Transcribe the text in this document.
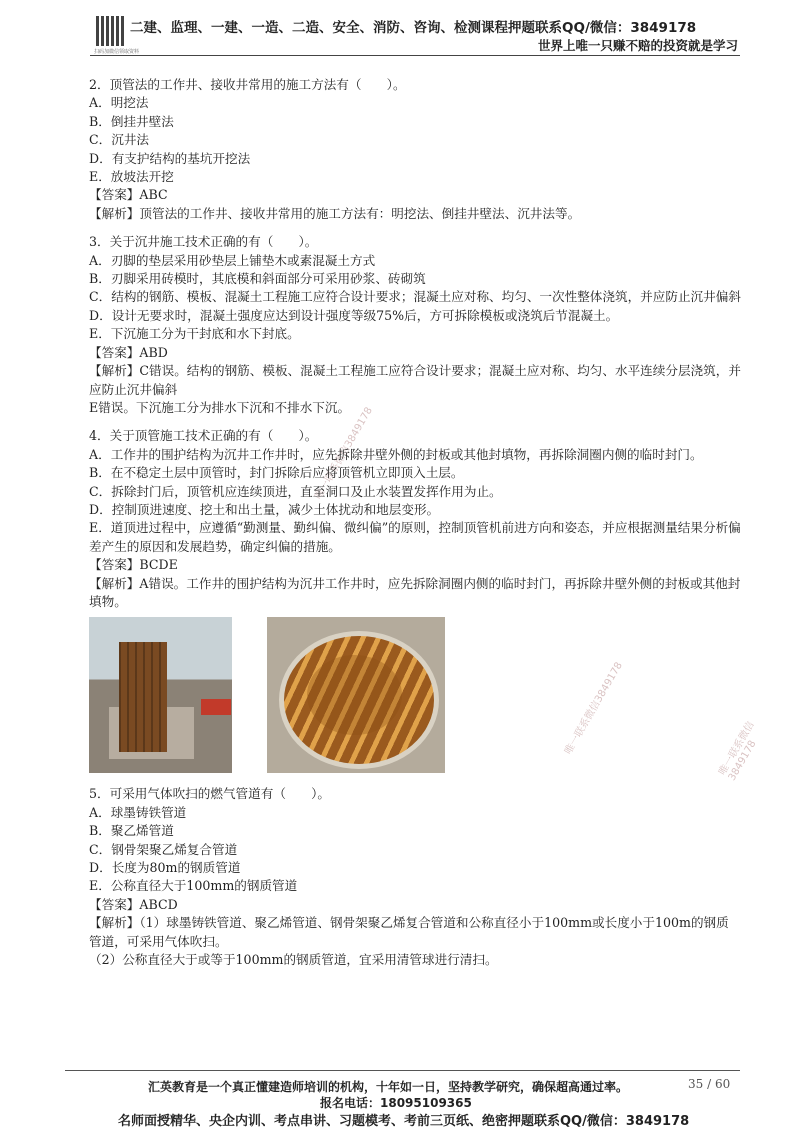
扫码加微信领取资料
二建、监理、一建、一造、二造、安全、消防、咨询、检测课程押题联系QQ/微信：3849178
世界上唯一只赚不赔的投资就是学习
唯一联系微信3849178
唯一联系微信3849178	唯一联系微信3849178

2．顶管法的工作井、接收井常用的施工方法有（　　）。

A．明挖法

B．倒挂井壁法

C．沉井法

D．有支护结构的基坑开挖法

E．放坡法开挖

【答案】ABC

【解析】顶管法的工作井、接收井常用的施工方法有：明挖法、倒挂井壁法、沉井法等。

3．关于沉井施工技术正确的有（　　）。

A．刃脚的垫层采用砂垫层上铺垫木或素混凝土方式

B．刃脚采用砖模时，其底模和斜面部分可采用砂浆、砖砌筑

C．结构的钢筋、模板、混凝土工程施工应符合设计要求；混凝土应对称、均匀、一次性整体浇筑，并应防止沉井偏斜

D．设计无要求时，混凝土强度应达到设计强度等级75%后，方可拆除模板或浇筑后节混凝土。

E．下沉施工分为干封底和水下封底。

【答案】ABD

【解析】C错误。结构的钢筋、模板、混凝土工程施工应符合设计要求；混凝土应对称、均匀、水平连续分层浇筑，并应防止沉井偏斜

E错误。下沉施工分为排水下沉和不排水下沉。

4．关于顶管施工技术正确的有（　　）。

A．工作井的围护结构为沉井工作井时，应先拆除井壁外侧的封板或其他封填物，再拆除洞圈内侧的临时封门。

B．在不稳定土层中顶管时，封门拆除后应将顶管机立即顶入土层。

C．拆除封门后，顶管机应连续顶进，直至洞口及止水装置发挥作用为止。

D．控制顶进速度、挖土和出土量，减少土体扰动和地层变形。

E．道顶进过程中，应遵循“勤测量、勤纠偏、微纠偏”的原则，控制顶管机前进方向和姿态，并应根据测量结果分析偏差产生的原因和发展趋势，确定纠偏的措施。

【答案】BCDE

【解析】A错误。工作井的围护结构为沉井工作井时，应先拆除洞圈内侧的临时封门，再拆除井壁外侧的封板或其他封填物。

5．可采用气体吹扫的燃气管道有（　　）。

A．球墨铸铁管道

B．聚乙烯管道

C．钢骨架聚乙烯复合管道

D．长度为80m的钢质管道

E．公称直径大于100mm的钢质管道

【答案】ABCD

【解析】（1）球墨铸铁管道、聚乙烯管道、钢骨架聚乙烯复合管道和公称直径小于100mm或长度小于100m的钢质管道，可采用气体吹扫。

（2）公称直径大于或等于100mm的钢质管道，宜采用清管球进行清扫。

汇英教育是一个真正懂建造师培训的机构，十年如一日，坚持教学研究，确保超高通过率。	35 / 60
报名电话：18095109365
名师面授精华、央企内训、考点串讲、习题模考、考前三页纸、绝密押题联系QQ/微信：3849178
